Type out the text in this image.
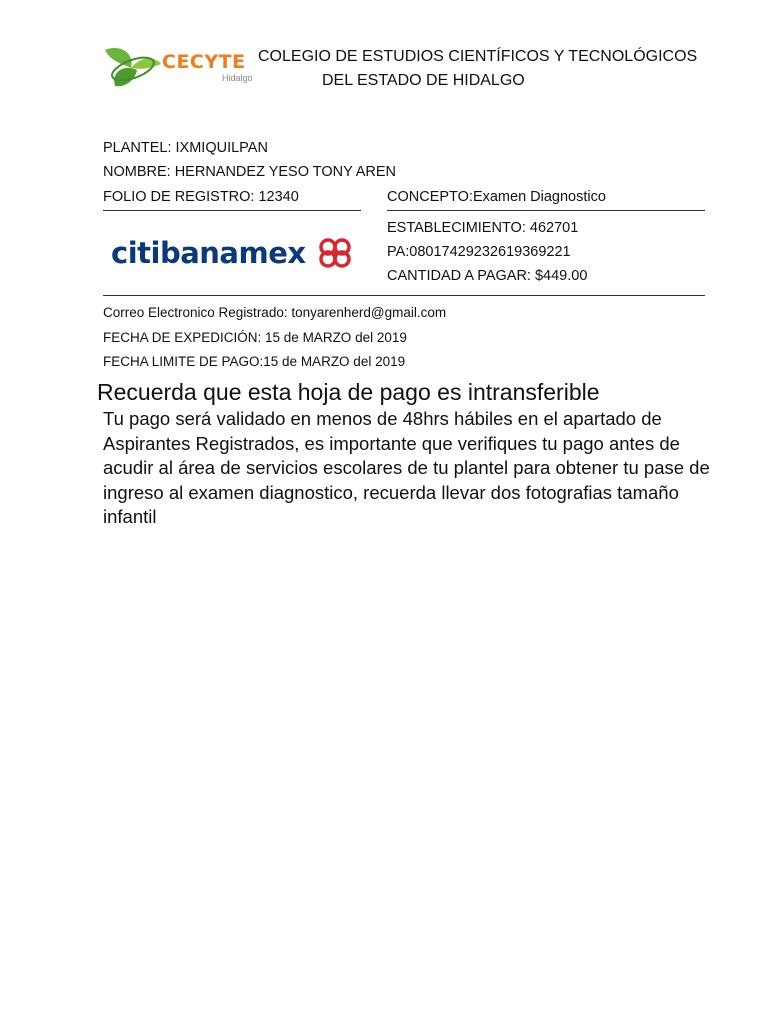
CECYTE
Hidalgo
COLEGIO DE ESTUDIOS CIENTÍFICOS Y TECNOLÓGICOS
DEL ESTADO DE HIDALGO
PLANTEL: IXMIQUILPAN
NOMBRE: HERNANDEZ YESO TONY AREN
FOLIO DE REGISTRO: 12340	CONCEPTO:Examen Diagnostico
citibanamex
ESTABLECIMIENTO: 462701
PA:08017429232619369221
CANTIDAD A PAGAR: $449.00
Correo Electronico Registrado: tonyarenherd@gmail.com
FECHA DE EXPEDICIÓN: 15 de MARZO del 2019
FECHA LIMITE DE PAGO:15 de MARZO del 2019
Recuerda que esta hoja de pago es intransferible
Tu pago será validado en menos de 48hrs hábiles en el apartado de Aspirantes Registrados, es importante que verifiques tu pago antes de acudir al área de servicios escolares de tu plantel para obtener tu pase de ingreso al examen diagnostico, recuerda llevar dos fotografias tamaño infantil
